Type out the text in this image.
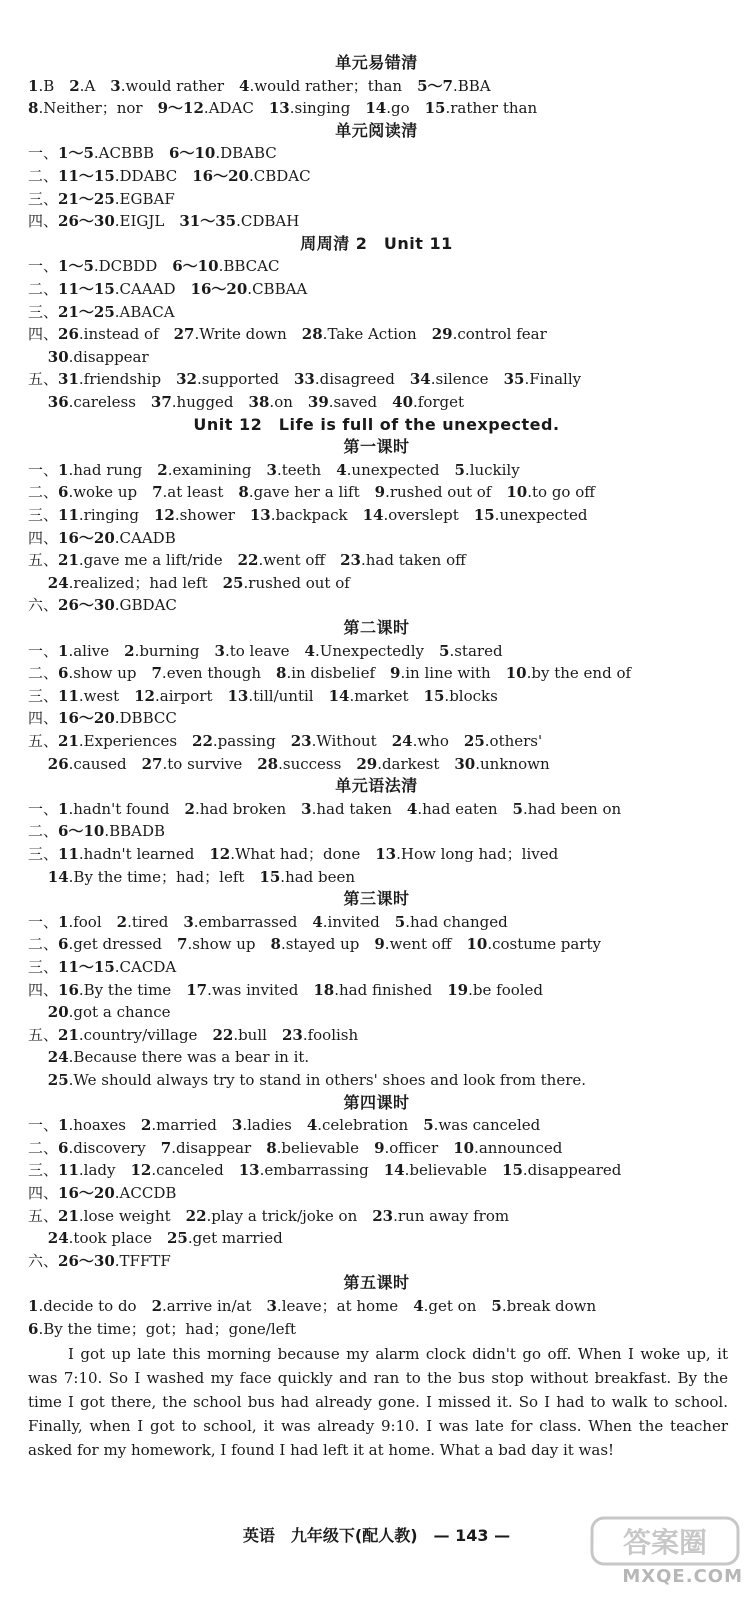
单元易错清
1.B　2.A　3.would rather　4.would rather；than　5～7.BBA
8.Neither；nor　9～12.ADAC　13.singing　14.go　15.rather than
单元阅读清
一、1～5.ACBBB　6～10.DBABC
二、11～15.DDABC　16～20.CBDAC
三、21～25.EGBAF
四、26～30.EIGJL　31～35.CDBAH
周周清 2　Unit 11
一、1～5.DCBDD　6～10.BBCAC
二、11～15.CAAAD　16～20.CBBAA
三、21～25.ABACA
四、26.instead of　27.Write down　28.Take Action　29.control fear
　 30.disappear
五、31.friendship　32.supported　33.disagreed　34.silence　35.Finally
　 36.careless　37.hugged　38.on　39.saved　40.forget
Unit 12　Life is full of the unexpected.
第一课时
一、1.had rung　2.examining　3.teeth　4.unexpected　5.luckily
二、6.woke up　7.at least　8.gave her a lift　9.rushed out of　10.to go off
三、11.ringing　12.shower　13.backpack　14.overslept　15.unexpected
四、16～20.CAADB
五、21.gave me a lift/ride　22.went off　23.had taken off
　 24.realized；had left　25.rushed out of
六、26～30.GBDAC
第二课时
一、1.alive　2.burning　3.to leave　4.Unexpectedly　5.stared
二、6.show up　7.even though　8.in disbelief　9.in line with　10.by the end of
三、11.west　12.airport　13.till/until　14.market　15.blocks
四、16～20.DBBCC
五、21.Experiences　22.passing　23.Without　24.who　25.others'
　 26.caused　27.to survive　28.success　29.darkest　30.unknown
单元语法清
一、1.hadn't found　2.had broken　3.had taken　4.had eaten　5.had been on
二、6～10.BBADB
三、11.hadn't learned　12.What had；done　13.How long had；lived
　 14.By the time；had；left　15.had been
第三课时
一、1.fool　2.tired　3.embarrassed　4.invited　5.had changed
二、6.get dressed　7.show up　8.stayed up　9.went off　10.costume party
三、11～15.CACDA
四、16.By the time　17.was invited　18.had finished　19.be fooled
　 20.got a chance
五、21.country/village　22.bull　23.foolish
　 24.Because there was a bear in it.
　 25.We should always try to stand in others' shoes and look from there.
第四课时
一、1.hoaxes　2.married　3.ladies　4.celebration　5.was canceled
二、6.discovery　7.disappear　8.believable　9.officer　10.announced
三、11.lady　12.canceled　13.embarrassing　14.believable　15.disappeared
四、16～20.ACCDB
五、21.lose weight　22.play a trick/joke on　23.run away from
　 24.took place　25.get married
六、26～30.TFFTF
第五课时
1.decide to do　2.arrive in/at　3.leave；at home　4.get on　5.break down
6.By the time；got；had；gone/left
I got up late this morning because my alarm clock didn't go off. When I woke up, it was 7:10. So I washed my face quickly and ran to the bus stop without breakfast. By the time I got there, the school bus had already gone. I missed it. So I had to walk to school. Finally, when I got to school, it was already 9:10. I was late for class. When the teacher asked for my homework, I found I had left it at home. What a bad day it was!
英语　九年级下(配人教)　— 143 —	答案圈
MXQE.COM
